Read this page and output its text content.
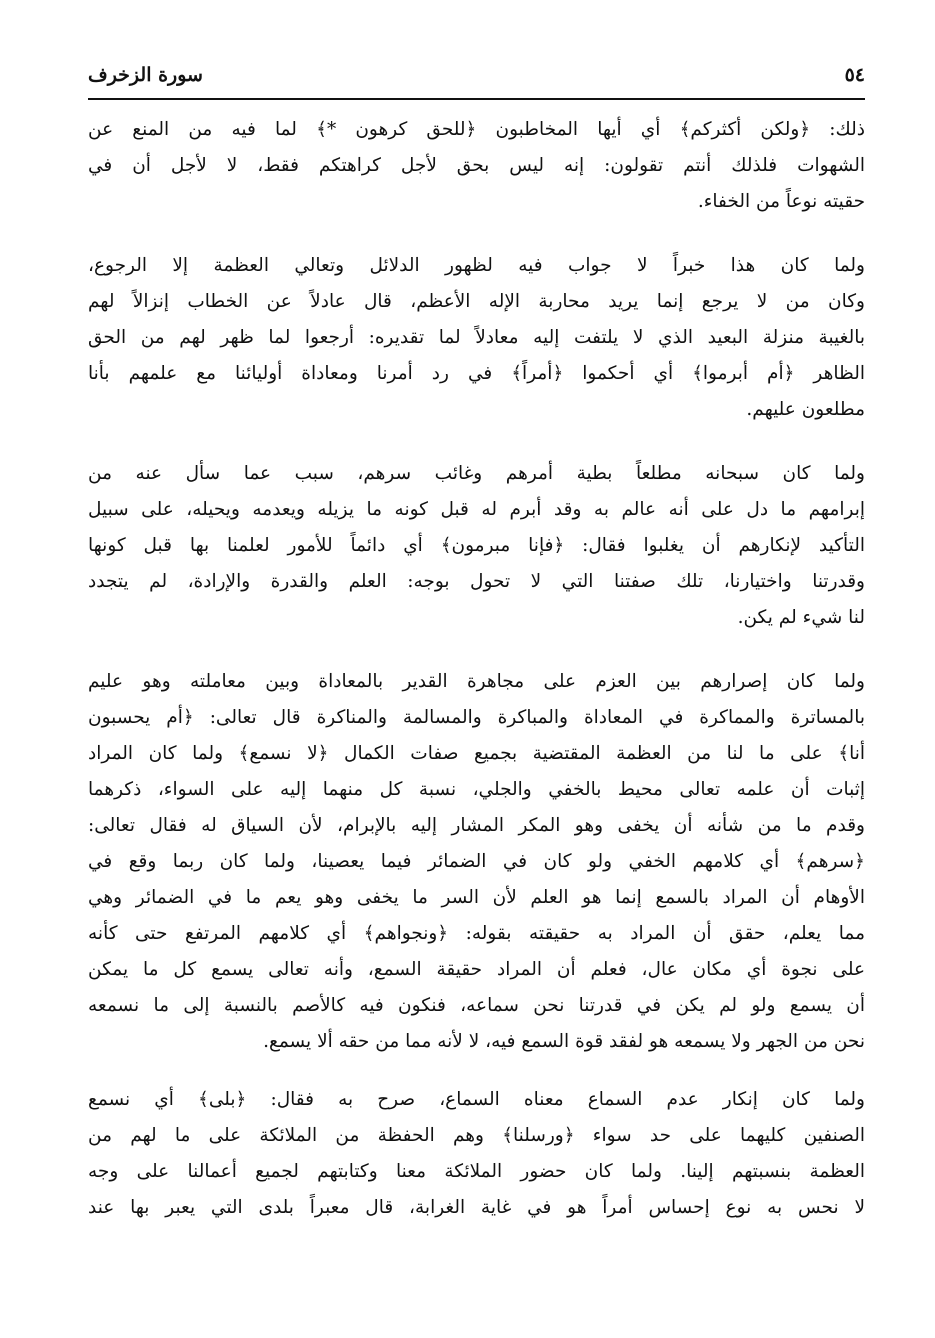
٥٤
سورة الزخرف
ذلك: ﴿ولكن أكثركم﴾ أي أيها المخاطبون ﴿للحق كرهون *﴾ لما فيه من المنع عن
الشهوات فلذلك أنتم تقولون: إنه ليس بحق لأجل كراهتكم فقط، لا لأجل أن في
حقيته نوعاً من الخفاء.
ولما كان هذا خبراً لا جواب فيه لظهور الدلائل وتعالي العظمة إلا الرجوع،
وكان من لا يرجع إنما يريد محاربة الإله الأعظم، قال عادلاً عن الخطاب إنزالاً لهم
بالغيبة منزلة البعيد الذي لا يلتفت إليه معادلاً لما تقديره: أرجعوا لما ظهر لهم من الحق
الظاهر ﴿أم أبرموا﴾ أي أحكموا ﴿أمراً﴾ في رد أمرنا ومعاداة أوليائنا مع علمهم بأنا
مطلعون عليهم.
ولما كان سبحانه مطلعاً بطية أمرهم وغائب سرهم، سبب عما سأل عنه من
إبرامهم ما دل على أنه عالم به وقد أبرم له قبل كونه ما يزيله ويعدمه ويحيله، على سبيل
التأكيد لإنكارهم أن يغلبوا فقال: ﴿فإنا مبرمون﴾ أي دائماً للأمور لعلمنا بها قبل كونها
وقدرتنا واختيارنا، تلك صفتنا التي لا تحول بوجه: العلم والقدرة والإرادة، لم يتجدد
لنا شيء لم يكن.
ولما كان إصرارهم بين العزم على مجاهرة القدير بالمعاداة وبين معاملته وهو عليم
بالمساترة والمماكرة في المعاداة والمباكرة والمسالمة والمناكرة قال تعالى: ﴿أم يحسبون
أنا﴾ على ما لنا من العظمة المقتضية بجميع صفات الكمال ﴿لا نسمع﴾ ولما كان المراد
إثبات أن علمه تعالى محيط بالخفي والجلي، نسبة كل منهما إليه على السواء، ذكرهما
وقدم ما من شأنه أن يخفى وهو المكر المشار إليه بالإبرام، لأن السياق له فقال تعالى:
﴿سرهم﴾ أي كلامهم الخفي ولو كان في الضمائر فيما يعصينا، ولما كان ربما وقع في
الأوهام أن المراد بالسمع إنما هو العلم لأن السر ما يخفى وهو يعم ما في الضمائر وهي
مما يعلم، حقق أن المراد به حقيقته بقوله: ﴿ونجواهم﴾ أي كلامهم المرتفع حتى كأنه
على نجوة أي مكان عال، فعلم أن المراد حقيقة السمع، وأنه تعالى يسمع كل ما يمكن
أن يسمع ولو لم يكن في قدرتنا نحن سماعه، فنكون فيه كالأصم بالنسبة إلى ما نسمعه
نحن من الجهر ولا يسمعه هو لفقد قوة السمع فيه، لا لأنه مما من حقه ألا يسمع.
ولما كان إنكار عدم السماع معناه السماع، صرح به فقال: ﴿بلى﴾ أي نسمع
الصنفين كليهما على حد سواء ﴿ورسلنا﴾ وهم الحفظة من الملائكة على ما لهم من
العظمة بنسبتهم إلينا. ولما كان حضور الملائكة معنا وكتابتهم لجميع أعمالنا على وجه
لا نحس به نوع إحساس أمراً هو في غاية الغرابة، قال معبراً بلدى التي يعبر بها عند
